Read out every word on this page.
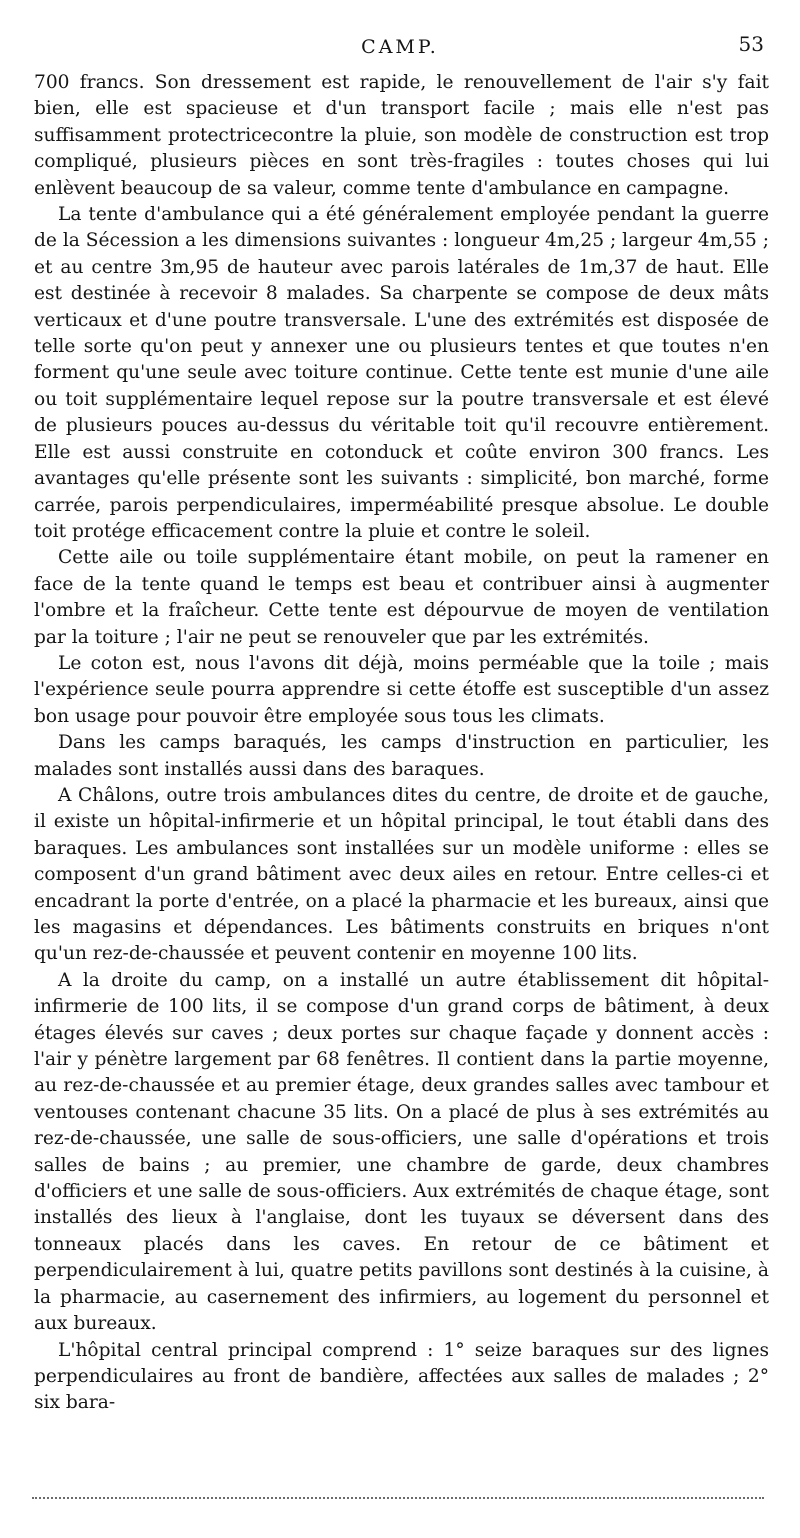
CAMP.	53

700 francs. Son dressement est rapide, le renouvellement de l'air s'y fait bien, elle est spacieuse et d'un transport facile ; mais elle n'est pas suffisamment protectricecontre la pluie, son modèle de construction est trop compliqué, plusieurs pièces en sont très-fragiles : toutes choses qui lui enlèvent beaucoup de sa valeur, comme tente d'ambulance en campagne.

La tente d'ambulance qui a été généralement employée pendant la guerre de la Sécession a les dimensions suivantes : longueur 4m,25 ; largeur 4m,55 ; et au centre 3m,95 de hauteur avec parois latérales de 1m,37 de haut. Elle est destinée à recevoir 8 malades. Sa charpente se compose de deux mâts verticaux et d'une poutre transversale. L'une des extrémités est disposée de telle sorte qu'on peut y annexer une ou plusieurs tentes et que toutes n'en forment qu'une seule avec toiture continue. Cette tente est munie d'une aile ou toit supplémentaire lequel repose sur la poutre transversale et est élevé de plusieurs pouces au-dessus du véritable toit qu'il recouvre entièrement. Elle est aussi construite en cotonduck et coûte environ 300 francs. Les avantages qu'elle présente sont les suivants : simplicité, bon marché, forme carrée, parois perpendiculaires, imperméabilité presque absolue. Le double toit protége efficacement contre la pluie et contre le soleil.

Cette aile ou toile supplémentaire étant mobile, on peut la ramener en face de la tente quand le temps est beau et contribuer ainsi à augmenter l'ombre et la fraîcheur. Cette tente est dépourvue de moyen de ventilation par la toiture ; l'air ne peut se renouveler que par les extrémités.

Le coton est, nous l'avons dit déjà, moins perméable que la toile ; mais l'expérience seule pourra apprendre si cette étoffe est susceptible d'un assez bon usage pour pouvoir être employée sous tous les climats.

Dans les camps baraqués, les camps d'instruction en particulier, les malades sont installés aussi dans des baraques.

A Châlons, outre trois ambulances dites du centre, de droite et de gauche, il existe un hôpital-infirmerie et un hôpital principal, le tout établi dans des baraques. Les ambulances sont installées sur un modèle uniforme : elles se composent d'un grand bâtiment avec deux ailes en retour. Entre celles-ci et encadrant la porte d'entrée, on a placé la pharmacie et les bureaux, ainsi que les magasins et dépendances. Les bâtiments construits en briques n'ont qu'un rez-de-chaussée et peuvent contenir en moyenne 100 lits.

A la droite du camp, on a installé un autre établissement dit hôpital-infirmerie de 100 lits, il se compose d'un grand corps de bâtiment, à deux étages élevés sur caves ; deux portes sur chaque façade y donnent accès : l'air y pénètre largement par 68 fenêtres. Il contient dans la partie moyenne, au rez-de-chaussée et au premier étage, deux grandes salles avec tambour et ventouses contenant chacune 35 lits. On a placé de plus à ses extrémités au rez-de-chaussée, une salle de sous-officiers, une salle d'opérations et trois salles de bains ; au premier, une chambre de garde, deux chambres d'officiers et une salle de sous-officiers. Aux extrémités de chaque étage, sont installés des lieux à l'anglaise, dont les tuyaux se déversent dans des tonneaux placés dans les caves. En retour de ce bâtiment et perpendiculairement à lui, quatre petits pavillons sont destinés à la cuisine, à la pharmacie, au casernement des infirmiers, au logement du personnel et aux bureaux.

L'hôpital central principal comprend : 1° seize baraques sur des lignes perpendiculaires au front de bandière, affectées aux salles de malades ; 2° six bara-
